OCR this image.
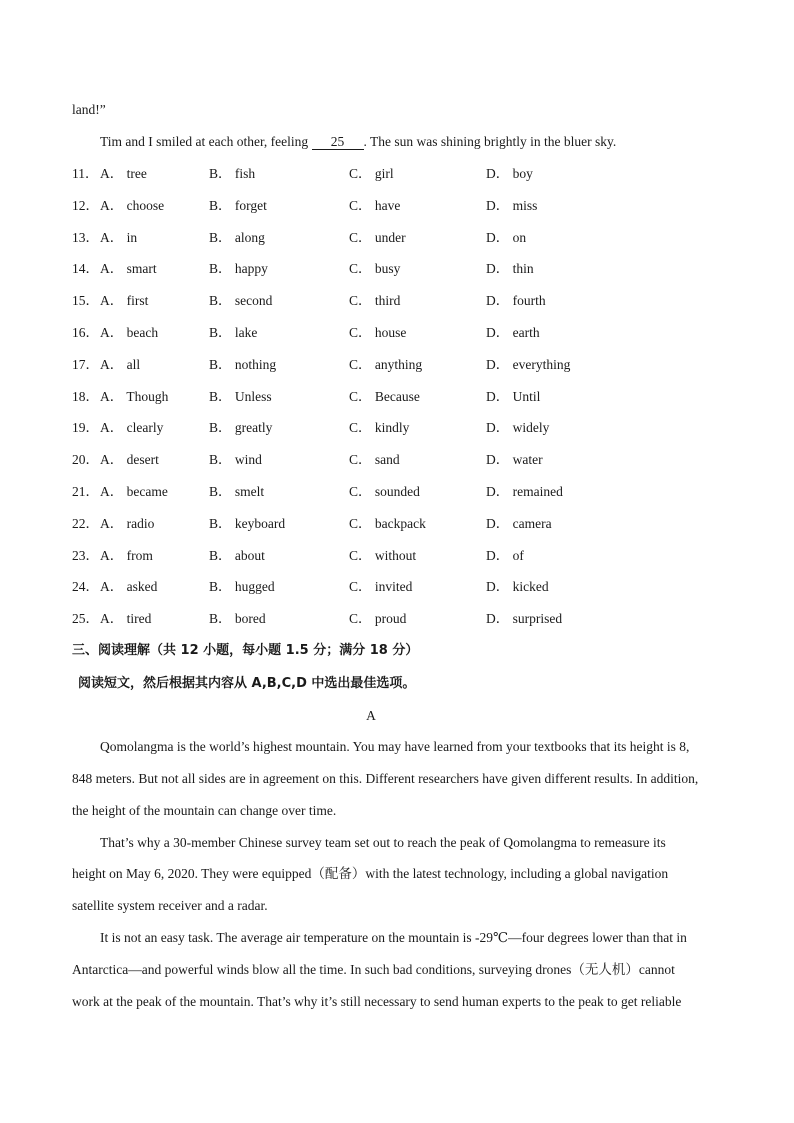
land!”
Tim and I smiled at each other, feeling 25 . The sun was shining brightly in the bluer sky.
11． A． tree	B． fish	C． girl	D． boy
12． A． choose	B． forget	C． have	D． miss
13． A． in	B． along	C． under	D． on
14． A． smart	B． happy	C． busy	D． thin
15． A． first	B． second	C． third	D． fourth
16． A． beach	B． lake	C． house	D． earth
17． A． all	B． nothing	C． anything	D． everything
18． A． Though	B． Unless	C． Because	D． Until
19． A． clearly	B． greatly	C． kindly	D． widely
20． A． desert	B． wind	C． sand	D． water
21． A． became	B． smelt	C． sounded	D． remained
22． A． radio	B． keyboard	C． backpack	D． camera
23． A． from	B． about	C． without	D． of
24． A． asked	B． hugged	C． invited	D． kicked
25． A． tired	B． bored	C． proud	D． surprised
三、阅读理解（共 12 小题，每小题 1.5 分；满分 18 分）
阅读短文，然后根据其内容从 A,B,C,D 中选出最佳选项。
A
Qomolangma is the world’s highest mountain. You may have learned from your textbooks that its height is 8,
848 meters. But not all sides are in agreement on this. Different researchers have given different results. In addition,
the height of the mountain can change over time.
That’s why a 30-member Chinese survey team set out to reach the peak of Qomolangma to remeasure its
height on May 6, 2020. They were equipped（配备）with the latest technology, including a global navigation
satellite system receiver and a radar.
It is not an easy task. The average air temperature on the mountain is -29℃—four degrees lower than that in
Antarctica—and powerful winds blow all the time. In such bad conditions, surveying drones（无人机）cannot
work at the peak of the mountain. That’s why it’s still necessary to send human experts to the peak to get reliable
